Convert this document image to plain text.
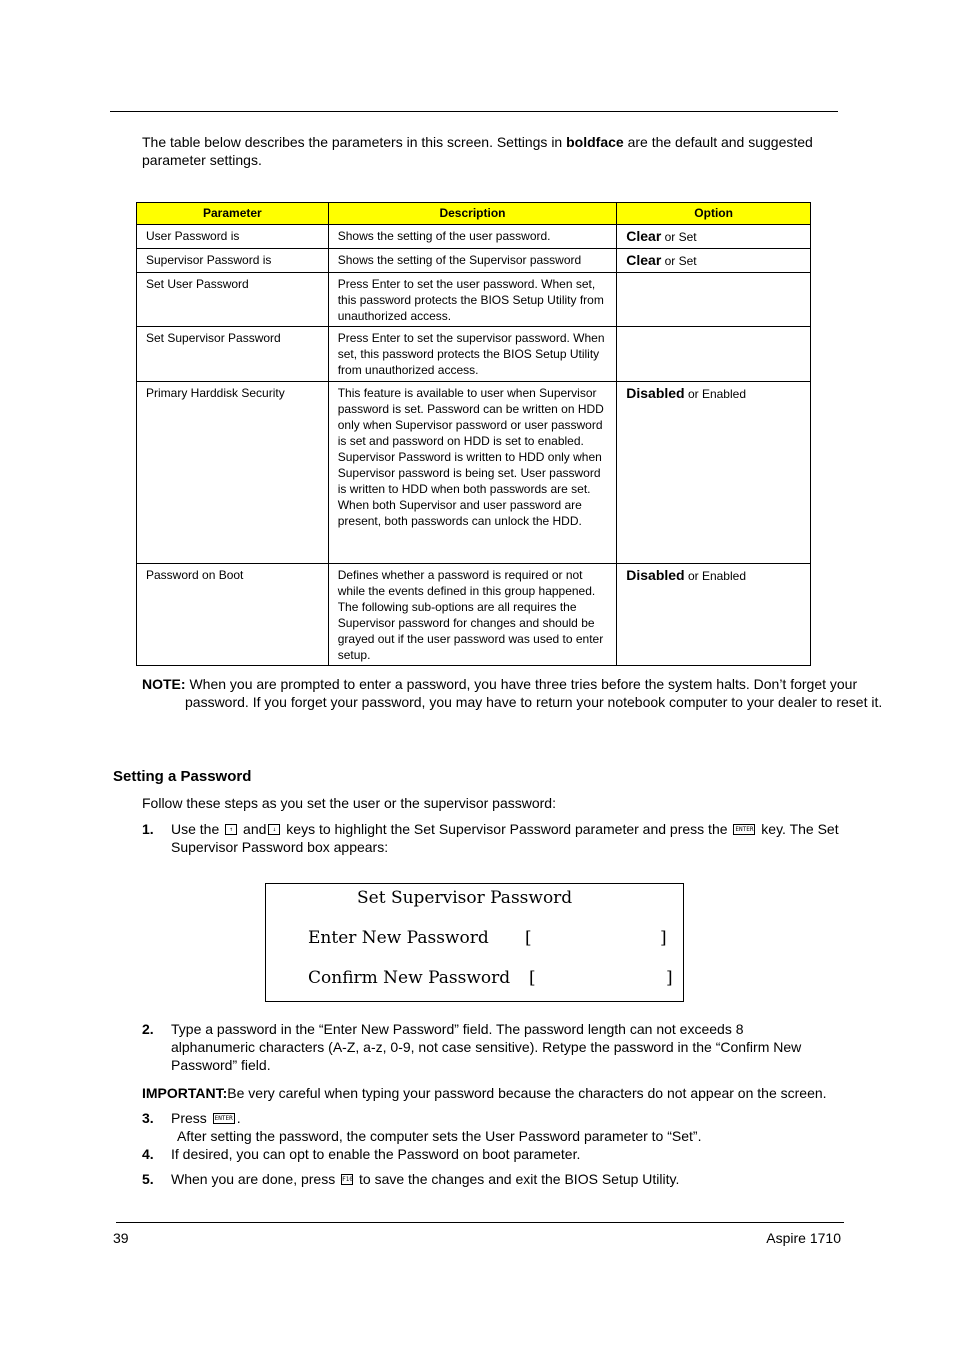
The table below describes the parameters in this screen. Settings in boldface are the default and suggested parameter settings.
Parameter	Description	Option
User Password is	Shows the setting of the user password.	Clear or Set
Supervisor Password is	Shows the setting of the Supervisor password	Clear or Set
Set User Password	Press Enter to set the user password. When set, this password protects the BIOS Setup Utility from unauthorized access.	
Set Supervisor Password	Press Enter to set the supervisor password. When set, this password protects the BIOS Setup Utility from unauthorized access.	
Primary Harddisk Security	This feature is available to user when Supervisor password is set. Password can be written on HDD only when Supervisor password or user password is set and password on HDD is set to enabled. Supervisor Password is written to HDD only when Supervisor password is being set. User password is written to HDD when both passwords are set. When both Supervisor and user password are present, both passwords can unlock the HDD.	Disabled or Enabled
Password on Boot	Defines whether a password is required or not while the events defined in this group happened. The following sub-options are all requires the Supervisor password for changes and should be grayed out if the user password was used to enter setup.	Disabled or Enabled
NOTE: When you are prompted to enter a password, you have three tries before the system halts. Don’t forget your password. If you forget your password, you may have to return your notebook computer to your dealer to reset it.
Setting a Password
Follow these steps as you set the user or the supervisor password:
1. Use the ↑ and ↓ keys to highlight the Set Supervisor Password parameter and press the ENTER key. The Set Supervisor Password box appears:
Set Supervisor Password
Enter New Password [	]
Confirm New Password [	]
2. Type a password in the “Enter New Password” field. The password length can not exceeds 8 alphanumeric characters (A-Z, a-z, 0-9, not case sensitive). Retype the password in the “Confirm New Password” field.
IMPORTANT:Be very careful when typing your password because the characters do not appear on the screen.
3. Press ENTER .
After setting the password, the computer sets the User Password parameter to “Set”.
4. If desired, you can opt to enable the Password on boot parameter.
5. When you are done, press F10 to save the changes and exit the BIOS Setup Utility.
39	Aspire 1710
